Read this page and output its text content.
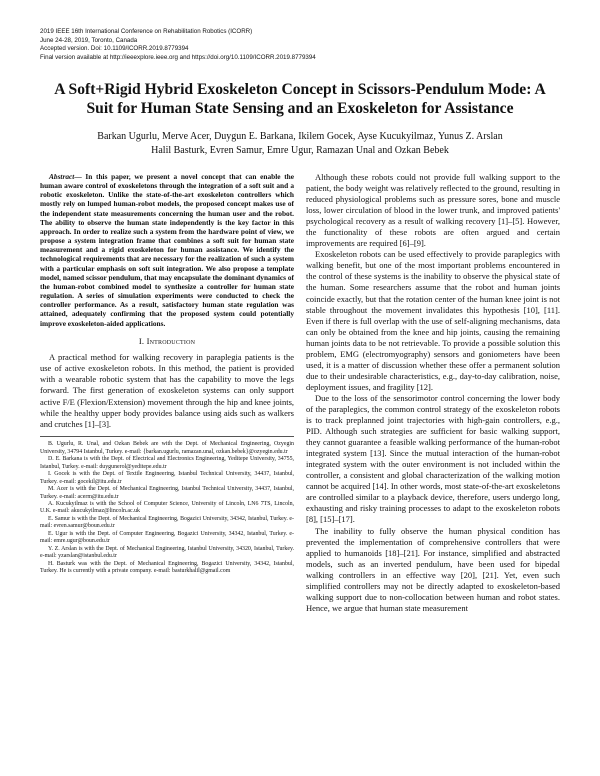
2019 IEEE 16th International Conference on Rehabilitation Robotics (ICORR)
June 24-28, 2019, Toronto, Canada
Accepted version. Doi: 10.1109/ICORR.2019.8779394
Final version available at http://ieeexplore.ieee.org and https://doi.org/10.1109/ICORR.2019.8779394
A Soft+Rigid Hybrid Exoskeleton Concept in Scissors-Pendulum Mode: A Suit for Human State Sensing and an Exoskeleton for Assistance
Barkan Ugurlu, Merve Acer, Duygun E. Barkana, Ikilem Gocek, Ayse Kucukyilmaz, Yunus Z. Arslan
Halil Basturk, Evren Samur, Emre Ugur, Ramazan Unal and Ozkan Bebek

Abstract— In this paper, we present a novel concept that can enable the human aware control of exoskeletons through the integration of a soft suit and a robotic exoskeleton. Unlike the state-of-the-art exoskeleton controllers which mostly rely on lumped human-robot models, the proposed concept makes use of the independent state measurements concerning the human user and the robot. The ability to observe the human state independently is the key factor in this approach. In order to realize such a system from the hardware point of view, we propose a system integration frame that combines a soft suit for human state measurement and a rigid exoskeleton for human assistance. We identify the technological requirements that are necessary for the realization of such a system with a particular emphasis on soft suit integration. We also propose a template model, named scissor pendulum, that may encapsulate the dominant dynamics of the human-robot combined model to synthesize a controller for human state regulation. A series of simulation experiments were conducted to check the controller performance. As a result, satisfactory human state regulation was attained, adequately confirming that the proposed system could potentially improve exoskeleton-aided applications.

I. Introduction

A practical method for walking recovery in paraplegia patients is the use of active exoskeleton robots. In this method, the patient is provided with a wearable robotic system that has the capability to move the legs forward. The first generation of exoskeleton systems can only support active F/E (Flexion/Extension) movement through the hip and knee joints, while the healthy upper body provides balance using aids such as walkers and crutches [1]–[3].

B. Ugurlu, R. Unal, and Ozkan Bebek are with the Dept. of Mechanical Engineering, Ozyegin University, 34794 Istanbul, Turkey. e-mail: {barkan.ugurlu, ramazan.unal, ozkan.bebek}@ozyegin.edu.tr

D. E. Barkana is with the Dept. of Electrical and Electronics Engineering, Yeditepe University, 34755, Istanbul, Turkey. e-mail: duygunerol@yeditepe.edu.tr

I. Gocek is with the Dept. of Textile Engineering, Istanbul Technical University, 34437, Istanbul, Turkey. e-mail: gocekil@itu.edu.tr

M. Acer is with the Dept. of Mechanical Engineering, Istanbul Technical University, 34437, Istanbul, Turkey. e-mail: acerm@itu.edu.tr

A. Kucukyilmaz is with the School of Computer Science, University of Lincoln, LN6 7TS, Lincoln, U.K. e-mail: akucukyilmaz@lincoln.ac.uk

E. Samur is with the Dept. of Mechanical Engineering, Bogazici University, 34342, Istanbul, Turkey. e-mail: evren.samur@boun.edu.tr

E. Ugur is with the Dept. of Computer Engineering, Bogazici University, 34342, Istanbul, Turkey. e-mail: emre.ugur@boun.edu.tr

Y. Z. Arslan is with the Dept. of Mechanical Engineering, Istanbul University, 34320, Istanbul, Turkey. e-mail: yzarslan@istanbul.edu.tr

H. Basturk was with the Dept. of Mechanical Engineering, Bogazici University, 34342, Istanbul, Turkey. He is currently with a private company. e-mail: basturkhalil@gmail.com

Although these robots could not provide full walking support to the patient, the body weight was relatively reflected to the ground, resulting in reduced physiological problems such as pressure sores, bone and muscle loss, lower circulation of blood in the lower trunk, and improved patients' psychological recovery as a result of walking recovery [1]–[5]. However, the functionality of these robots are often argued and certain improvements are required [6]–[9].

Exoskeleton robots can be used effectively to provide paraplegics with walking benefit, but one of the most important problems encountered in the control of these systems is the inability to observe the physical state of the human. Some researchers assume that the robot and human joints coincide exactly, but that the rotation center of the human knee joint is not stable throughout the movement invalidates this hypothesis [10], [11]. Even if there is full overlap with the use of self-aligning mechanisms, data can only be obtained from the knee and hip joints, causing the remaining human joints data to be not retrievable. To provide a possible solution this problem, EMG (electromyography) sensors and goniometers have been used, it is a matter of discussion whether these offer a permanent solution due to their undesirable characteristics, e.g., day-to-day calibration, noise, deployment issues, and fragility [12].

Due to the loss of the sensorimotor control concerning the lower body of the paraplegics, the common control strategy of the exoskeleton robots is to track preplanned joint trajectories with high-gain controllers, e.g., PID. Although such strategies are sufficient for basic walking support, they cannot guarantee a feasible walking performance of the human-robot integrated system [13]. Since the mutual interaction of the human-robot integrated system with the outer environment is not included within the controller, a consistent and global characterization of the walking motion cannot be acquired [14]. In other words, most state-of-the-art exoskeletons are controlled similar to a playback device, therefore, users undergo long, exhausting and risky training processes to adapt to the exoskeleton robots [8], [15]–[17].

The inability to fully observe the human physical condition has prevented the implementation of comprehensive controllers that were applied to humanoids [18]–[21]. For instance, simplified and abstracted models, such as an inverted pendulum, have been used for bipedal walking controllers in an effective way [20], [21]. Yet, even such simplified controllers may not be directly adapted to exoskeleton-based walking support due to non-collocation between human and robot states. Hence, we argue that human state measurement
